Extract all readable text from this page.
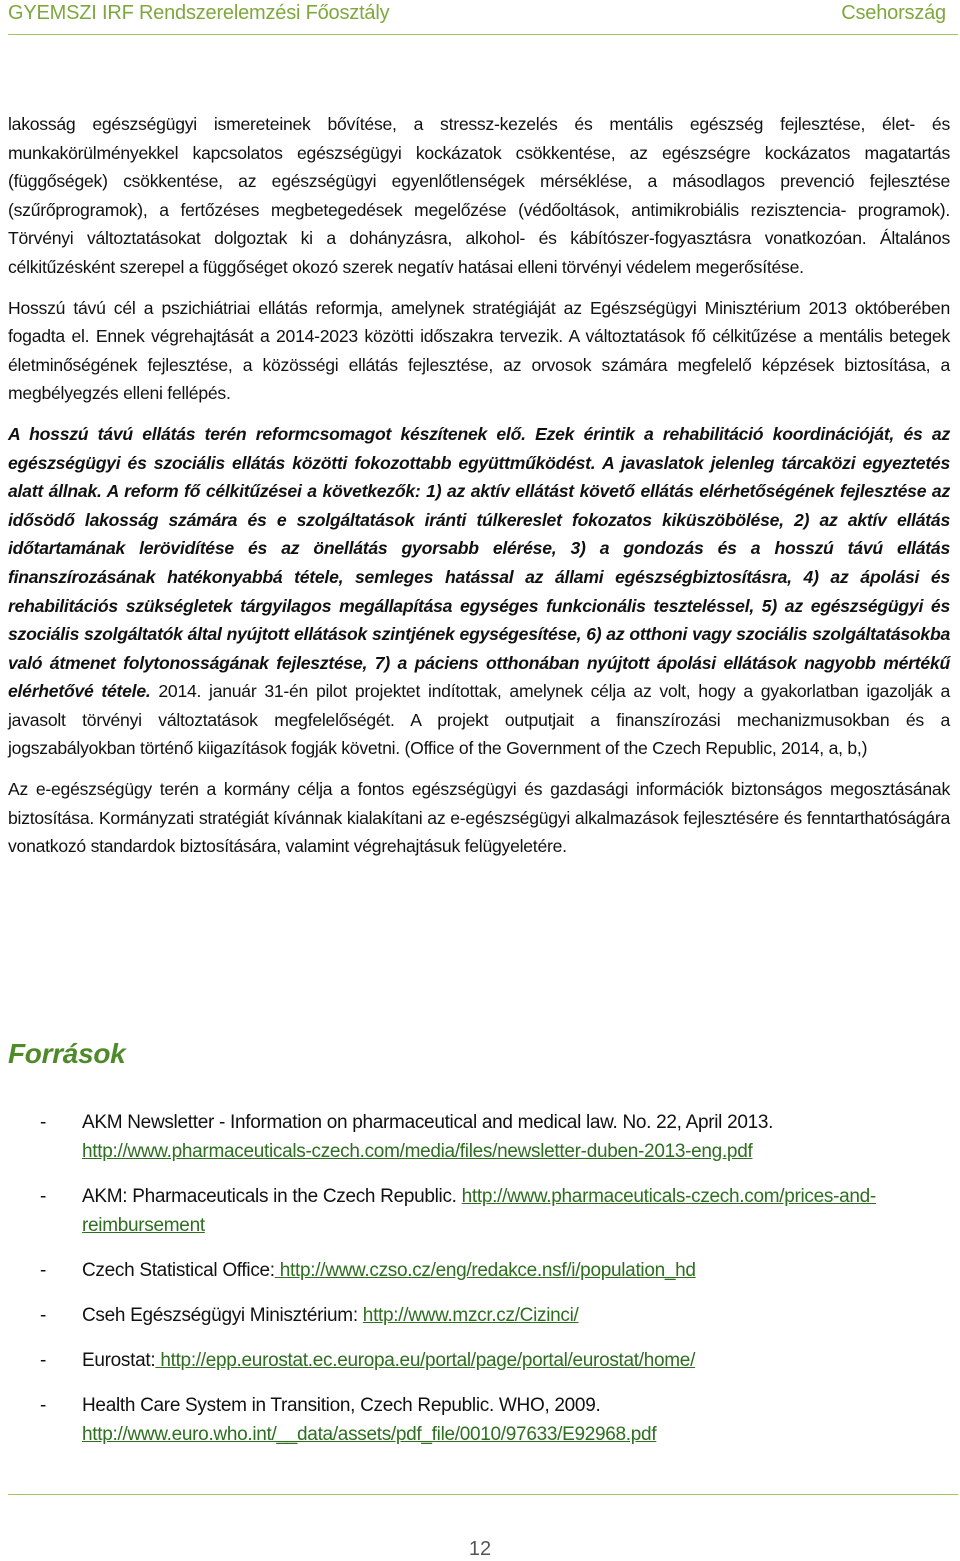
GYEMSZI IRF Rendszerelemzési Főosztály	Csehország

lakosság egészségügyi ismereteinek bővítése, a stressz-kezelés és mentális egészség fejlesztése, élet- és munkakörülményekkel kapcsolatos egészségügyi kockázatok csökkentése, az egészségre kockázatos magatartás (függőségek) csökkentése, az egészségügyi egyenlőtlenségek mérséklése, a másodlagos prevenció fejlesztése (szűrőprogramok), a fertőzéses megbetegedések megelőzése (védőoltások, antimikrobiális rezisztencia- programok). Törvényi változtatásokat dolgoztak ki a dohányzásra, alkohol- és kábítószer-fogyasztásra vonatkozóan. Általános célkitűzésként szerepel a függőséget okozó szerek negatív hatásai elleni törvényi védelem megerősítése.

Hosszú távú cél a pszichiátriai ellátás reformja, amelynek stratégiáját az Egészségügyi Minisztérium 2013 októberében fogadta el. Ennek végrehajtását a 2014-2023 közötti időszakra tervezik. A változtatások fő célkitűzése a mentális betegek életminőségének fejlesztése, a közösségi ellátás fejlesztése, az orvosok számára megfelelő képzések biztosítása, a megbélyegzés elleni fellépés.

A hosszú távú ellátás terén reformcsomagot készítenek elő. Ezek érintik a rehabilitáció koordinációját, és az egészségügyi és szociális ellátás közötti fokozottabb együttműködést. A javaslatok jelenleg tárcaközi egyeztetés alatt állnak. A reform fő célkitűzései a következők: 1) az aktív ellátást követő ellátás elérhetőségének fejlesztése az idősödő lakosság számára és e szolgáltatások iránti túlkereslet fokozatos kiküszöbölése, 2) az aktív ellátás időtartamának lerövidítése és az önellátás gyorsabb elérése, 3) a gondozás és a hosszú távú ellátás finanszírozásának hatékonyabbá tétele, semleges hatással az állami egészségbiztosításra, 4) az ápolási és rehabilitációs szükségletek tárgyilagos megállapítása egységes funkcionális teszteléssel, 5) az egészségügyi és szociális szolgáltatók által nyújtott ellátások szintjének egységesítése, 6) az otthoni vagy szociális szolgáltatásokba való átmenet folytonosságának fejlesztése, 7) a páciens otthonában nyújtott ápolási ellátások nagyobb mértékű elérhetővé tétele. 2014. január 31-én pilot projektet indítottak, amelynek célja az volt, hogy a gyakorlatban igazolják a javasolt törvényi változtatások megfelelőségét. A projekt outputjait a finanszírozási mechanizmusokban és a jogszabályokban történő kiigazítások fogják követni. (Office of the Government of the Czech Republic, 2014, a, b,)

Az e-egészségügy terén a kormány célja a fontos egészségügyi és gazdasági információk biztonságos megosztásának biztosítása. Kormányzati stratégiát kívánnak kialakítani az e-egészségügyi alkalmazások fejlesztésére és fenntarthatóságára vonatkozó standardok biztosítására, valamint végrehajtásuk felügyeletére.

Források
- AKM Newsletter - Information on pharmaceutical and medical law. No. 22, April 2013. http://www.pharmaceuticals-czech.com/media/files/newsletter-duben-2013-eng.pdf
- AKM: Pharmaceuticals in the Czech Republic. http://www.pharmaceuticals-czech.com/prices-and-reimbursement
- Czech Statistical Office: http://www.czso.cz/eng/redakce.nsf/i/population_hd
- Cseh Egészségügyi Minisztérium: http://www.mzcr.cz/Cizinci/
- Eurostat: http://epp.eurostat.ec.europa.eu/portal/page/portal/eurostat/home/
- Health Care System in Transition, Czech Republic. WHO, 2009. http://www.euro.who.int/__data/assets/pdf_file/0010/97633/E92968.pdf
12
